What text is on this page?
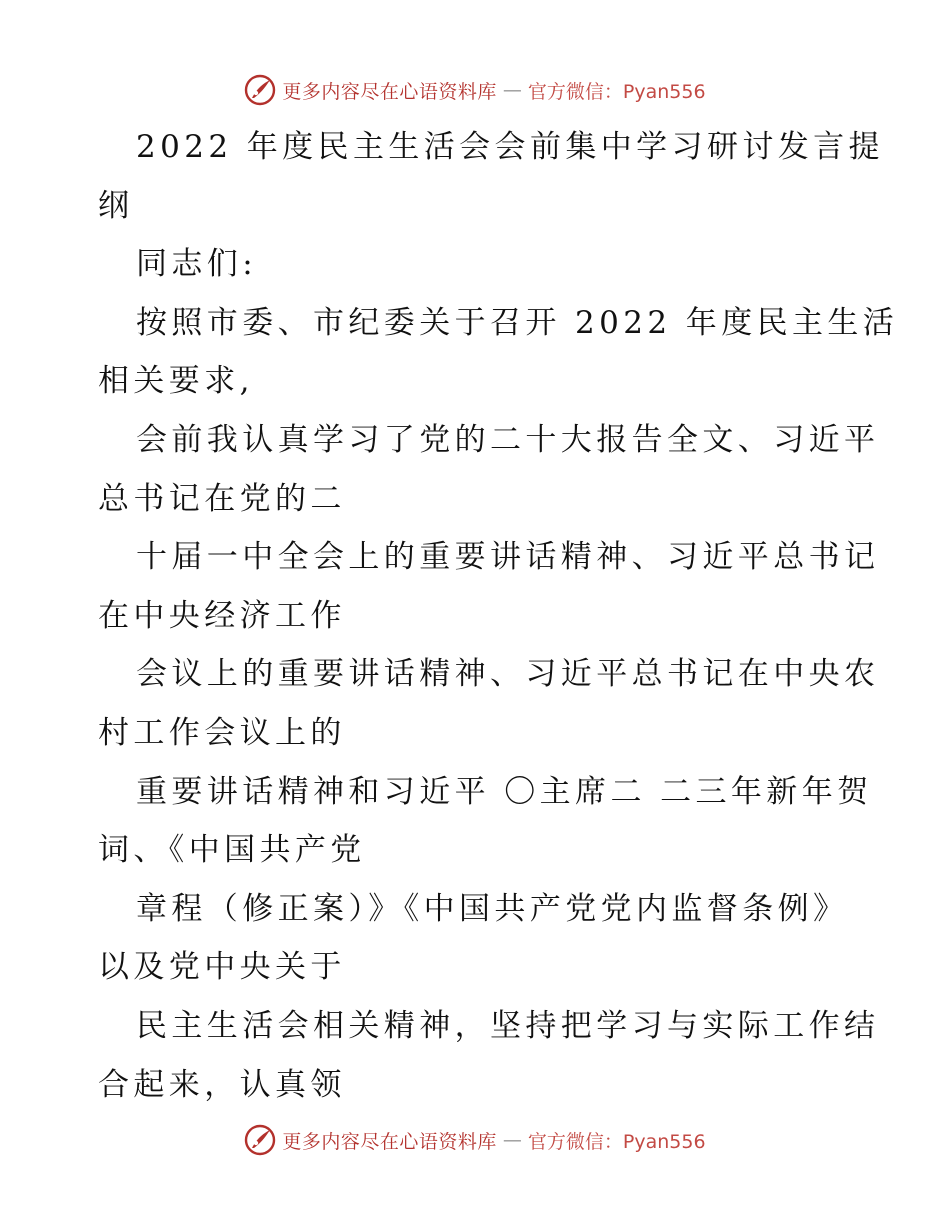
更多内容尽在心语资料库 — 官方微信：Pyan556
2022 年度民主生活会会前集中学习研讨发言提
纲
同志们:
按照市委、市纪委关于召开 2022 年度民主生活
相关要求,
会前我认真学习了党的二十大报告全文、习近平
总书记在党的二
十届一中全会上的重要讲话精神、习近平总书记
在中央经济工作
会议上的重要讲话精神、习近平总书记在中央农
村工作会议上的
重要讲话精神和习近平 〇主席二 二三年新年贺
词、《中国共产党
章程（修正案）》《中国共产党党内监督条例》
以及党中央关于
民主生活会相关精神，坚持把学习与实际工作结
合起来，认真领
更多内容尽在心语资料库 — 官方微信：Pyan556
